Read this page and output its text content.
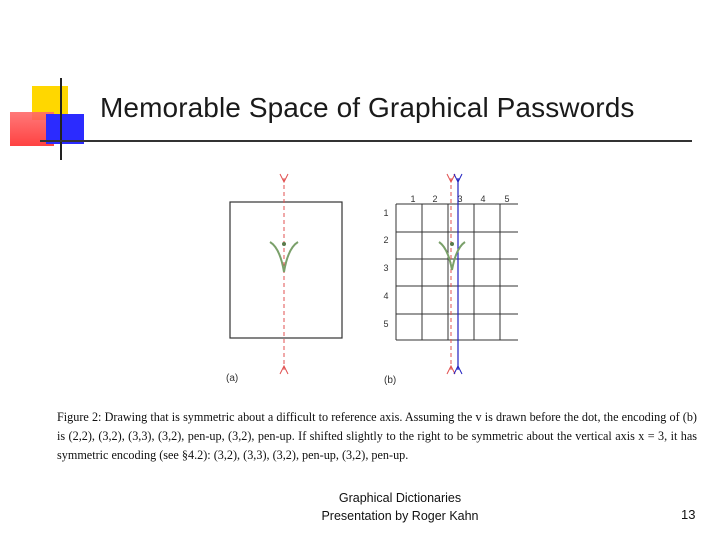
Memorable Space of Graphical Passwords
(a)
1 2 3 4 5
1
2
3
4
5
(b)
Figure 2: Drawing that is symmetric about a difficult to reference axis. Assuming the v is drawn before the dot, the encoding of (b) is (2,2), (3,2), (3,3), (3,2), pen-up, (3,2), pen-up. If shifted slightly to the right to be symmetric about the vertical axis x = 3, it has symmetric encoding (see §4.2): (3,2), (3,3), (3,2), pen-up, (3,2), pen-up.
Graphical Dictionaries
Presentation by Roger Kahn	13
